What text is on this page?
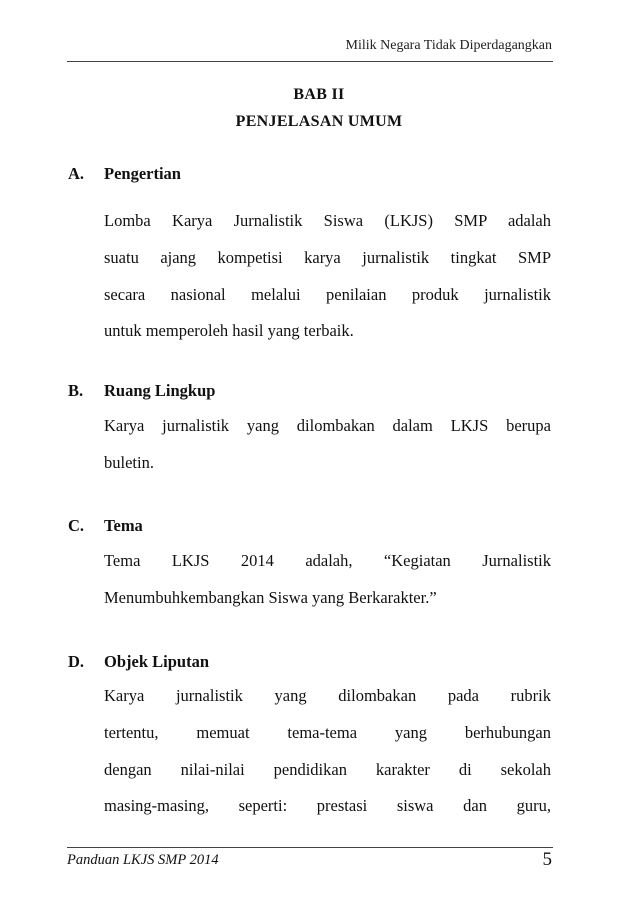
Milik Negara Tidak Diperdagangkan
BAB II
PENJELASAN UMUM
A. Pengertian
Lomba Karya Jurnalistik Siswa (LKJS) SMP adalah
suatu ajang kompetisi karya jurnalistik tingkat SMP
secara nasional melalui penilaian produk jurnalistik
untuk memperoleh hasil yang terbaik.
B. Ruang Lingkup
Karya jurnalistik yang dilombakan dalam LKJS berupa
buletin.
C. Tema
Tema LKJS 2014 adalah, “Kegiatan Jurnalistik
Menumbuhkembangkan Siswa yang Berkarakter.”
D. Objek Liputan
Karya jurnalistik yang dilombakan pada rubrik
tertentu, memuat tema-tema yang berhubungan
dengan nilai-nilai pendidikan karakter di sekolah
masing-masing, seperti: prestasi siswa dan guru,
Panduan LKJS SMP 2014	5
